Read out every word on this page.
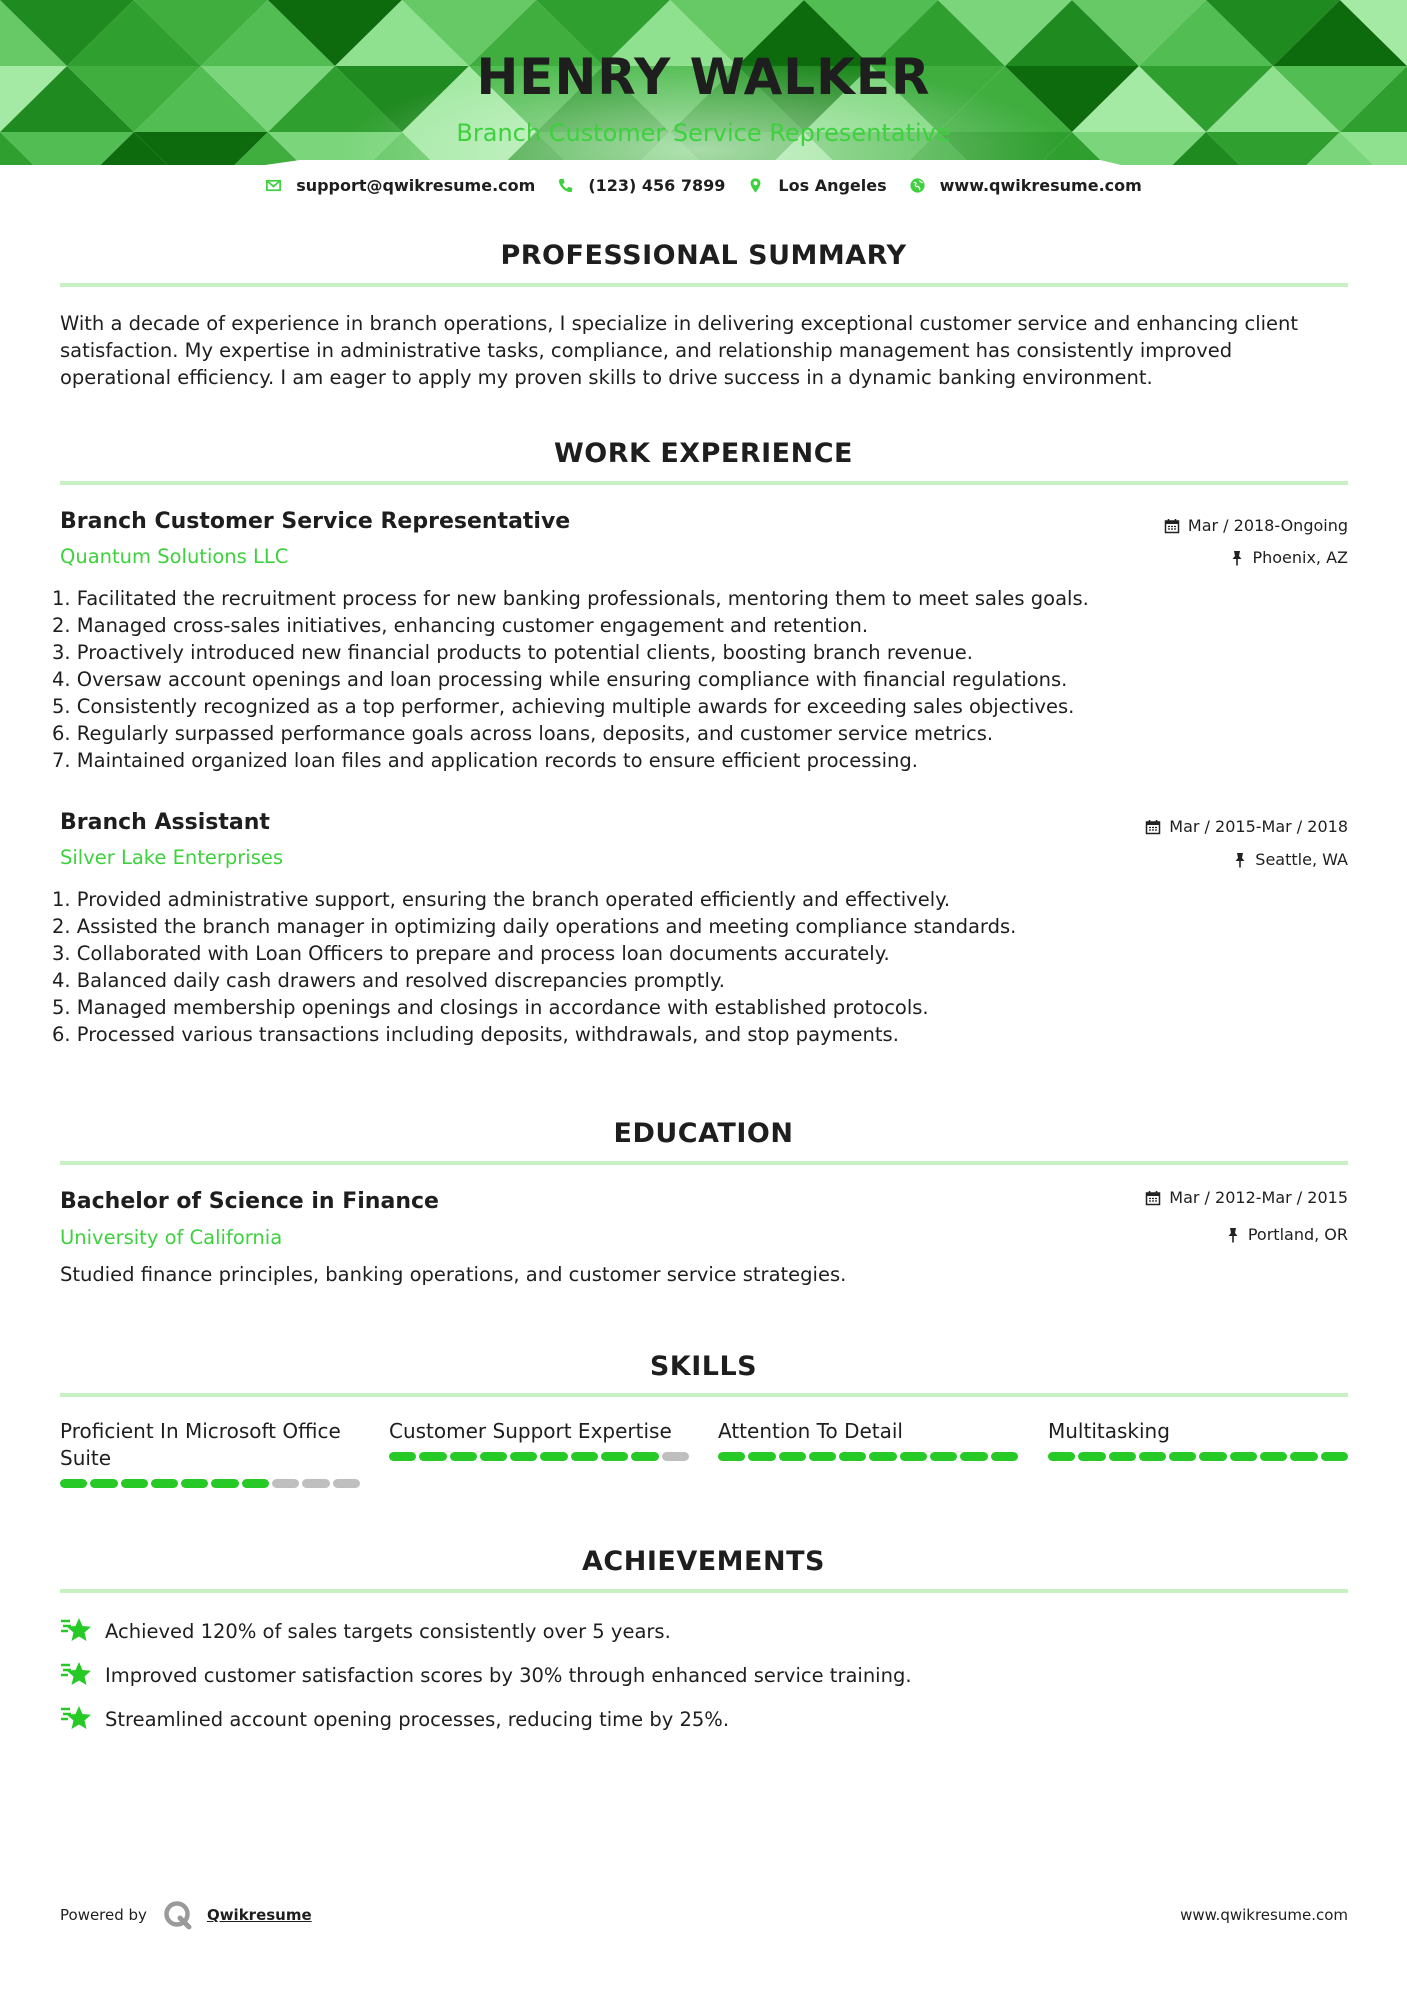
HENRY WALKER
Branch Customer Service Representative
support@qwikresume.com	(123) 456 7899	Los Angeles	www.qwikresume.com
PROFESSIONAL SUMMARY
With a decade of experience in branch operations, I specialize in delivering exceptional customer service and enhancing client
satisfaction. My expertise in administrative tasks, compliance, and relationship management has consistently improved
operational efficiency. I am eager to apply my proven skills to drive success in a dynamic banking environment.
WORK EXPERIENCE
Branch Customer Service Representative
Quantum Solutions LLC
Mar / 2018-Ongoing
Phoenix, AZ
1. Facilitated the recruitment process for new banking professionals, mentoring them to meet sales goals.
2. Managed cross-sales initiatives, enhancing customer engagement and retention.
3. Proactively introduced new financial products to potential clients, boosting branch revenue.
4. Oversaw account openings and loan processing while ensuring compliance with financial regulations.
5. Consistently recognized as a top performer, achieving multiple awards for exceeding sales objectives.
6. Regularly surpassed performance goals across loans, deposits, and customer service metrics.
7. Maintained organized loan files and application records to ensure efficient processing.
Branch Assistant
Silver Lake Enterprises
Mar / 2015-Mar / 2018
Seattle, WA
1. Provided administrative support, ensuring the branch operated efficiently and effectively.
2. Assisted the branch manager in optimizing daily operations and meeting compliance standards.
3. Collaborated with Loan Officers to prepare and process loan documents accurately.
4. Balanced daily cash drawers and resolved discrepancies promptly.
5. Managed membership openings and closings in accordance with established protocols.
6. Processed various transactions including deposits, withdrawals, and stop payments.
EDUCATION
Bachelor of Science in Finance
University of California
Mar / 2012-Mar / 2015
Portland, OR
Studied finance principles, banking operations, and customer service strategies.
SKILLS
Proficient In Microsoft Office
Suite
Customer Support Expertise	Attention To Detail	Multitasking
ACHIEVEMENTS
Achieved 120% of sales targets consistently over 5 years.
Improved customer satisfaction scores by 30% through enhanced service training.
Streamlined account opening processes, reducing time by 25%.
Powered by	Qwikresume	www.qwikresume.com
